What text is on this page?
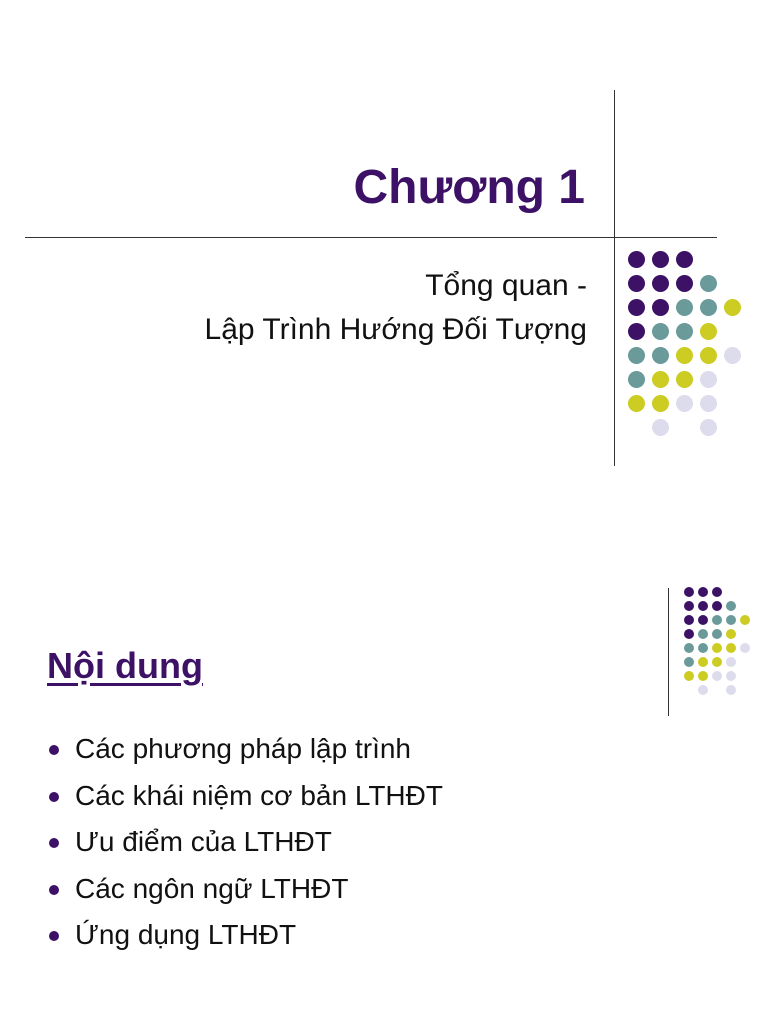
Chương 1
Tổng quan -
Lập Trình Hướng Đối Tượng
Nội dung
Các phương pháp lập trình
Các khái niệm cơ bản LTHĐT
Ưu điểm của LTHĐT
Các ngôn ngữ LTHĐT
Ứng dụng LTHĐT
